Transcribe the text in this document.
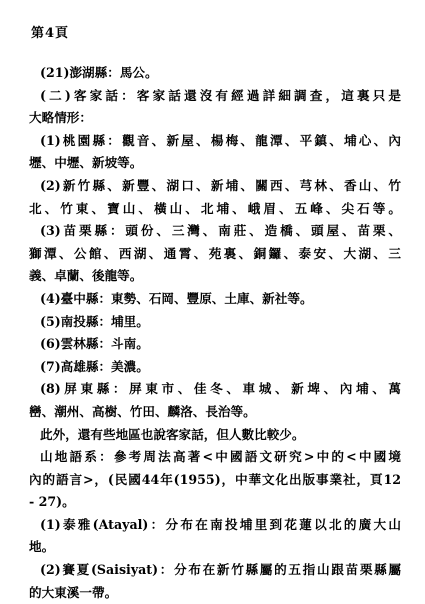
第4頁
(21)澎湖縣：馬公。
(二)客家話：客家話還沒有經過詳細調查，這裏只是
大略情形：
(1)桃園縣：觀音、新屋、楊梅、龍潭、平鎮、埔心、內
壢、中壢、新坡等。
(2)新竹縣、新豐、湖口、新埔、關西、芎林、香山、竹
北、竹東、寶山、橫山、北埔、峨眉、五峰、尖石等。
(3)苗栗縣：頭份、三灣、南莊、造橋、頭屋、苗栗、
獅潭、公館、西湖、通霄、苑裏、銅鑼、泰安、大湖、三
義、卓蘭、後龍等。
(4)臺中縣：東勢、石岡、豐原、土庫、新社等。
(5)南投縣：埔里。
(6)雲林縣：斗南。
(7)高雄縣：美濃。
(8)屏東縣：屏東市、佳冬、車城、新埤、內埔、萬
巒、潮州、高樹、竹田、麟洛、長治等。
此外，還有些地區也說客家話，但人數比較少。
山地語系：參考周法高著<中國語文研究>中的<中國境
內的語言>，(民國44年(1955)，中華文化出版事業社，頁12
- 27)。
(1)泰雅(Atayal)：分布在南投埔里到花蓮以北的廣大山
地。
(2)賽夏(Saisiyat)：分布在新竹縣屬的五指山跟苗栗縣屬
的大東溪一帶。
